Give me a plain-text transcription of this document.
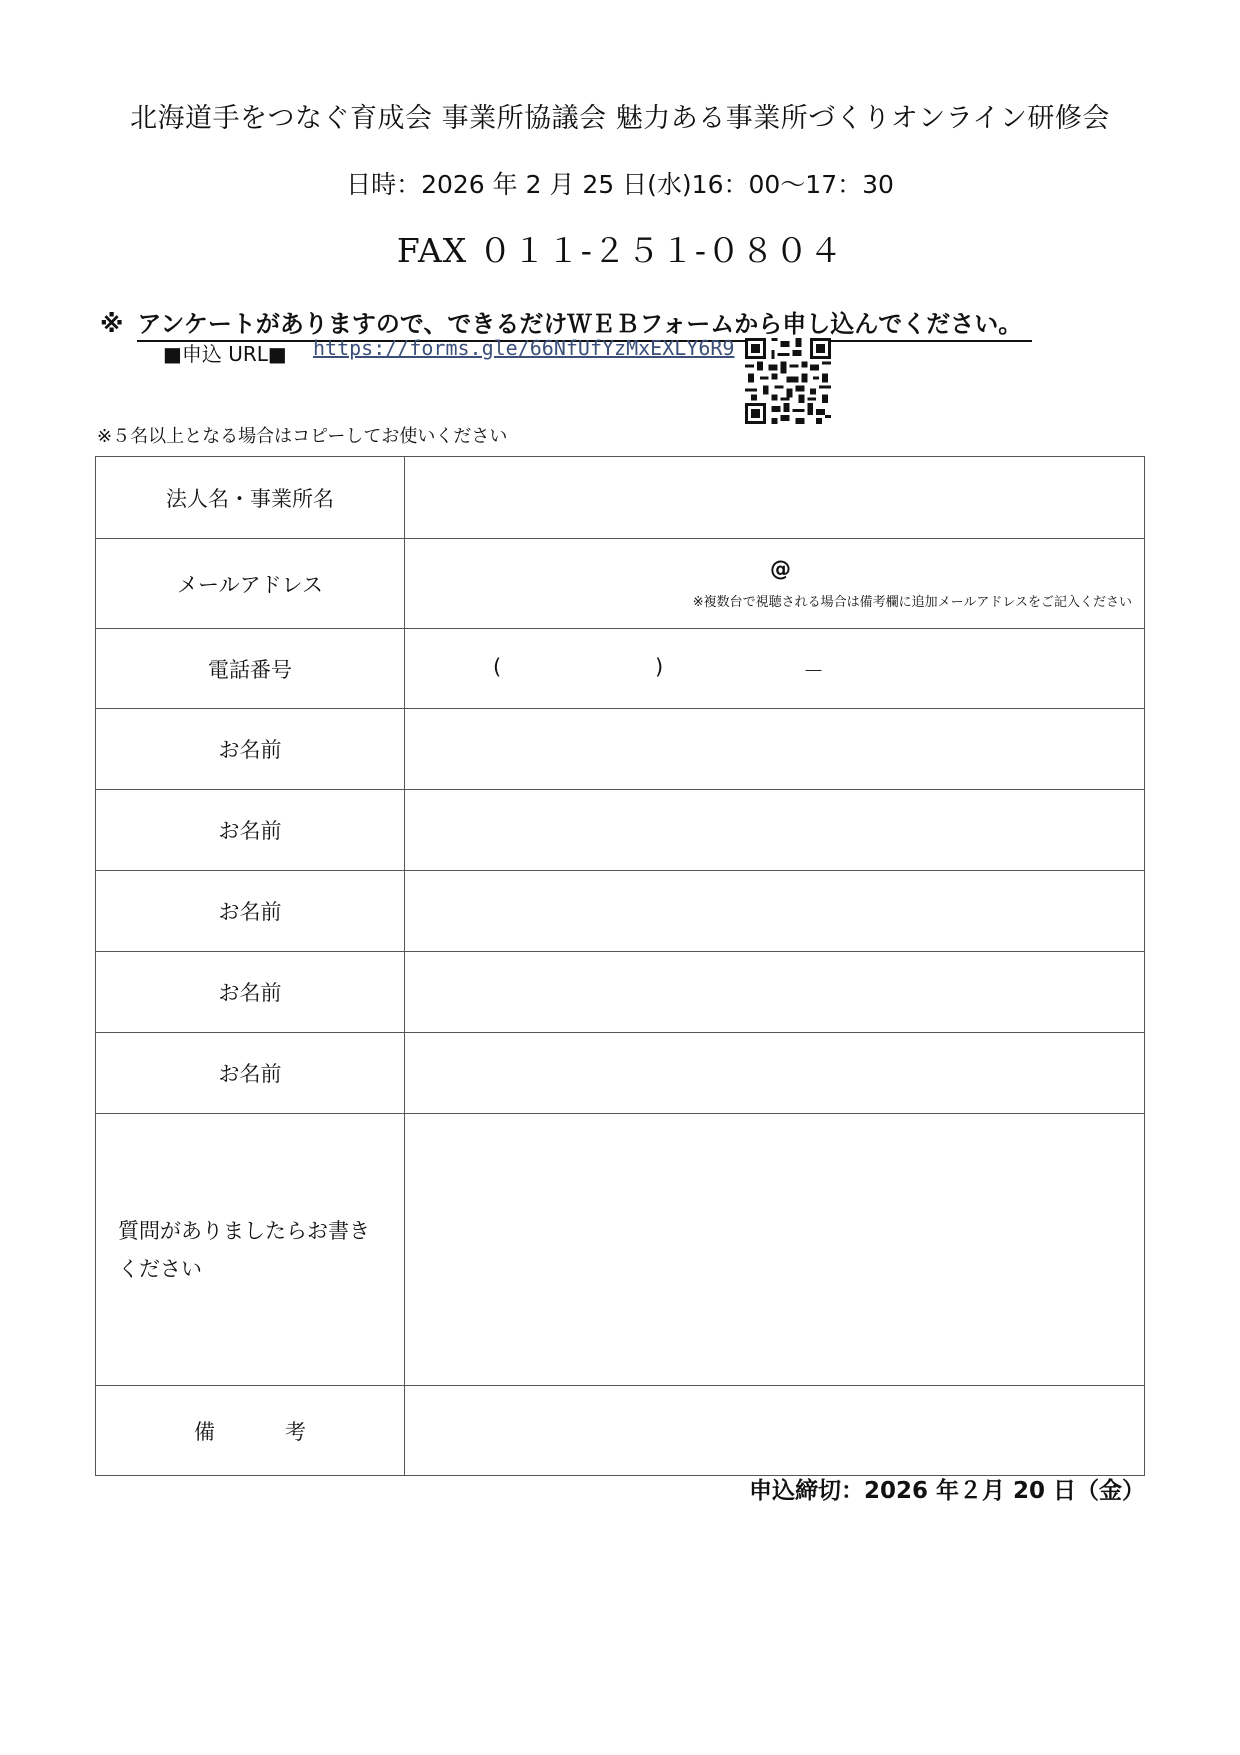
北海道手をつなぐ育成会 事業所協議会 魅力ある事業所づくりオンライン研修会
日時：2026 年 2 月 25 日(水)16：00～17：30
FAX ０１１-２５１-０８０４
※ アンケートがありますので、できるだけＷＥＢフォームから申し込んでください。
■申込 URL■ https://forms.gle/66NfUfYzMxEXLY6R9
※５名以上となる場合はコピーしてお使いください
法人名・事業所名	
メールアドレス	@
※複数台で視聴される場合は備考欄に追加メールアドレスをご記入ください

電話番号	( ) －

お名前	
お名前	
お名前	
お名前	
お名前	
質問がありましたらお書き
ください	
備 考	
申込締切：2026 年２月 20 日（金）
